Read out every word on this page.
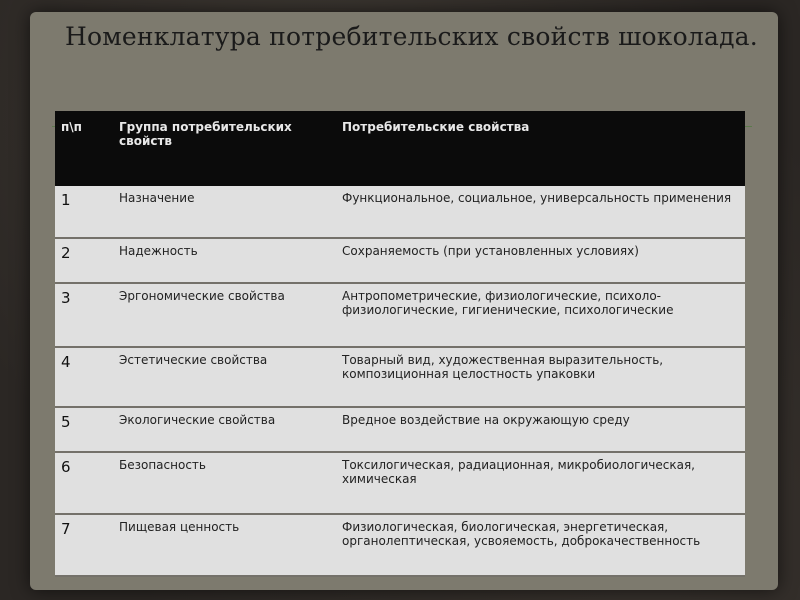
Номенклатура потребительских свойств шоколада.
п\п	Группа потребительских свойств	Потребительские свойства
1	Назначение	Функциональное, социальное, универсальность применения
2	Надежность	Сохраняемость (при установленных условиях)
3	Эргономические свойства	Антропометрические, физиологические, психоло-физиологические, гигиенические, психологические
4	Эстетические свойства	Товарный вид, художественная выразительность, композиционная целостность упаковки
5	Экологические свойства	Вредное воздействие на окружающую среду
6	Безопасность	Токсилогическая, радиационная, микробиологическая, химическая
7	Пищевая ценность	Физиологическая, биологическая, энергетическая, органолептическая, усвояемость, доброкачественность
